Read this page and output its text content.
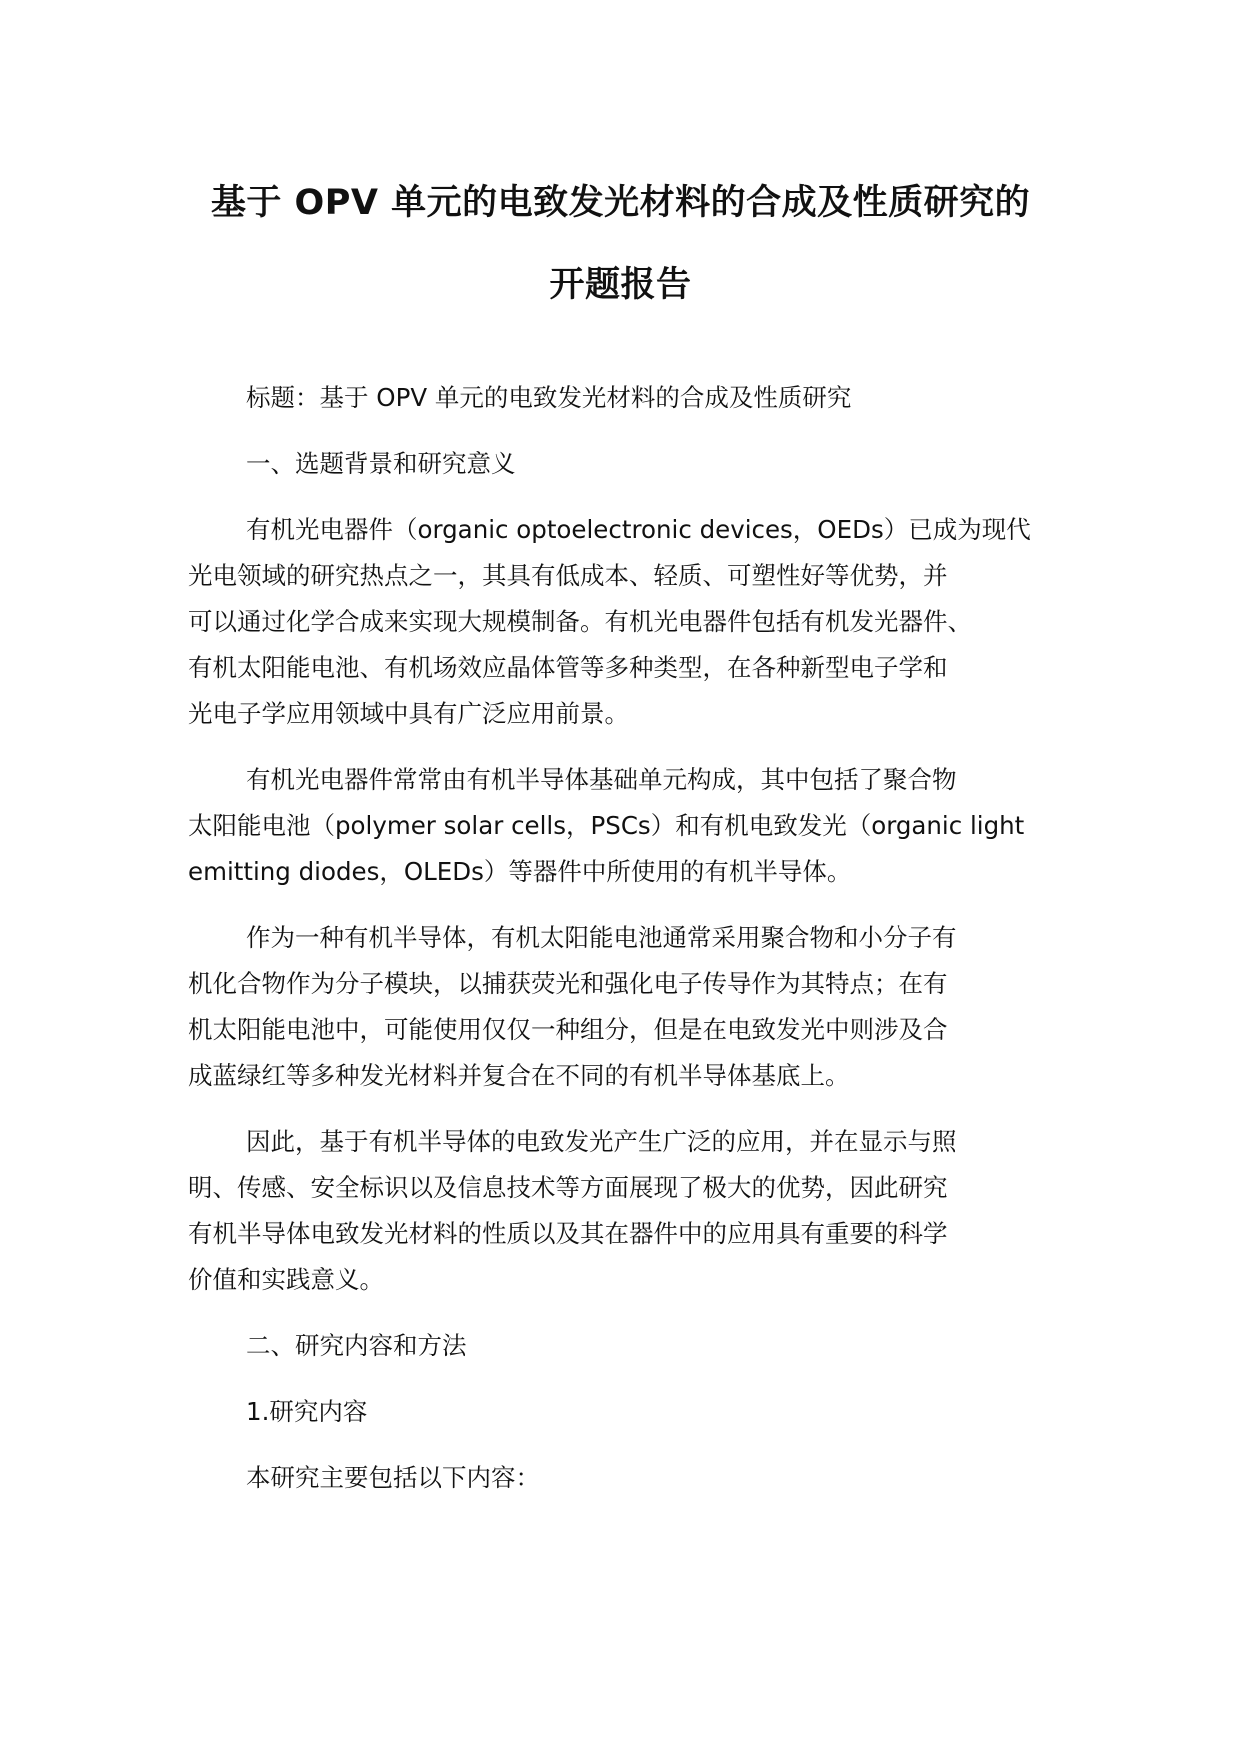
基于 OPV 单元的电致发光材料的合成及性质研究的
开题报告
标题：基于 OPV 单元的电致发光材料的合成及性质研究
一、选题背景和研究意义
有机光电器件（organic optoelectronic devices，OEDs）已成为现代
光电领域的研究热点之一，其具有低成本、轻质、可塑性好等优势，并
可以通过化学合成来实现大规模制备。有机光电器件包括有机发光器件、
有机太阳能电池、有机场效应晶体管等多种类型，在各种新型电子学和
光电子学应用领域中具有广泛应用前景。
有机光电器件常常由有机半导体基础单元构成，其中包括了聚合物
太阳能电池（polymer solar cells，PSCs）和有机电致发光（organic light
emitting diodes，OLEDs）等器件中所使用的有机半导体。
作为一种有机半导体，有机太阳能电池通常采用聚合物和小分子有
机化合物作为分子模块，以捕获荧光和强化电子传导作为其特点；在有
机太阳能电池中，可能使用仅仅一种组分，但是在电致发光中则涉及合
成蓝绿红等多种发光材料并复合在不同的有机半导体基底上。
因此，基于有机半导体的电致发光产生广泛的应用，并在显示与照
明、传感、安全标识以及信息技术等方面展现了极大的优势，因此研究
有机半导体电致发光材料的性质以及其在器件中的应用具有重要的科学
价值和实践意义。
二、研究内容和方法
1.研究内容
本研究主要包括以下内容：
